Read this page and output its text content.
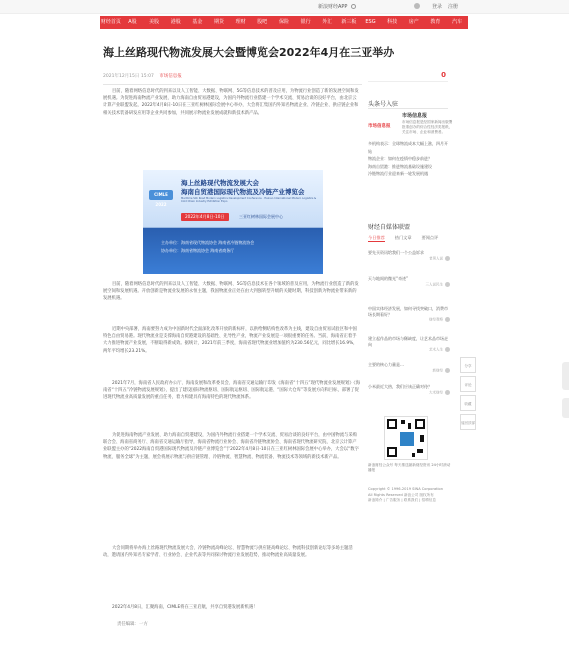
新浪财经APP	登录 注册
财经首页	A股	美股	港股	基金	期货	理财	股吧	保险	银行	外汇	新三板	ESG	科技	房产	教育	汽车
海上丝路现代物流发展大会暨博览会2022年4月在三亚举办
2021年12月15日 15:07 市场信息报	0

目前，随着网络信息时代的到来以及人工智能、大数据、物联网、5G等信息技术的普及应用，为物流行业创造了新的发展空间和发展机遇。为促进海南物流产业发展、助力海南自由贸易港建设，为国内外物流行业搭建一个学术交流、贸易洽谈的良好平台，由北京云计算产业联盟发起，2022年4月8日-10日在三亚红树林国际会展中心举办，大会将汇集国内外知名物流企业、冷链企业、供应链企业和相关技术装备研发应用等企业共同参加，共同展示物流业发展成就和新技术新产品。

CIMLE 2022
海上丝路现代物流发展大会
海南自贸港国际现代物流及冷链产业博览会
Maritime Silk Road Modern Logistics Development Conference · Hainan International Modern Logistics & Cold Chain Industry Exhibition Expo
2022年4月8日-10日	三亚红树林国际会展中心
主办单位：海南省现代物流协会 海南省冷链物流协会
协办单位：海南省物流协会 海南省商务厅

目前，随着网络信息时代的到来以及人工智能、大数据、物联网、5G等信息技术在各个领域的普及应用，为物流行业创造了新的发展空间和发展机遇。开放创新是物流业发展的永恒主题，我国物流业正处在由大到强转型升级的关键时期，科技创新为物流业带来新的发展机遇。

近期中央部署，海南要努力成为中国新时代全面深化改革开放的新标杆，以供给侧结构性改革为主线，建设自由贸易试验区和中国特色自由贸易港。现代物流业是支撑海南自贸港建设的基础性、先导性产业，物流产业发展是一项很重要的任务。当前，海南省正着手大力推进物流产业发展，不断取得新成效。据统计，2021年前三季度，海南省现代物流业增加值约为230.56亿元，同比增长16.9%，两年平均增长23.21%。

2021年7月，海南省人民政府办公厅、海南发展和改革委员会、海南省交通运输厅印发《海南省“十四五”现代物流业发展规划》《海南省“十四五”冷链物流发展规划》，提出了建设国际物流枢纽、国际航运枢纽、国际航运港、“国际大仓库”等发展方向和目标，部署了促进现代物流业高质量发展的重点任务，着力构建具有海南特色的现代物流体系。

为促进海南物流产业发展、助力海南自贸港建设，为国内外物流行业搭建一个学术交流、贸易洽谈的良好平台，由中国物流与采购联合会、海南省商务厅、海南省交通运输厅指导，海南省物流行业协会、海南省冷链物流协会、海南省现代物流研究院、北京云计算产业联盟主办的“2022海南自贸港国际现代物流及冷链产业博览会”于2022年4月8日-10日在三亚红树林国际会展中心举办，大会以“数字物流、服务全球”为主题，展会将展示物流与供应链管理、冷链物流、智慧物流、物流装备、物流技术等领域的新技术新产品。

大会同期将举办海上丝路现代物流发展大会、冷链物流高峰论坛、智慧物流与供应链高峰论坛、物流科技创新论坛等多场主题活动，邀请国内外知名专家学者、行业协会、企业代表等共同探讨物流行业发展趋势，推动物流业高质量发展。

2022年4月8日，汇聚海南，CIMLE将在三亚启航，共享自贸港发展新机遇！

责任编辑：一方
头条号入驻
市场信息报
市场信息报
市场信息报是经国家新闻出版署批准创办的综合性经济类报纸，关注市场、企业和消费者。
多机构表示：全球物流成本大幅上涨，四月开始
物流企业：如何在疫情中稳步前进？
海南自贸港：推进物流基础设施建设
冷链物流行业迎来新一轮发展机遇
财经自媒体联盟
今日推荐 热门文章 要闻点评
要先买资讯给我们一个公益诉求
老男人说
天与地间的微光“奇迹”
三人说民生
中国实体经济发展，如何寻找突破口，消费市场长期看好？
财经观察
建立起作品的市场与稀缺度，让艺术品市场走向
艺术人生
主要的核心力量是…
新财经
小米最近大热，我们应该正确对待？
大米财经
新浪财经公众号 每天推送最新财经资讯 24小时滚动播报
Copyright © 1996-2019 SINA Corporation
All Rights Reserved 新浪公司 版权所有
新浪简介 | 广告服务 | 联系我们 | 招聘信息
分享
评论
收藏
返回顶部
